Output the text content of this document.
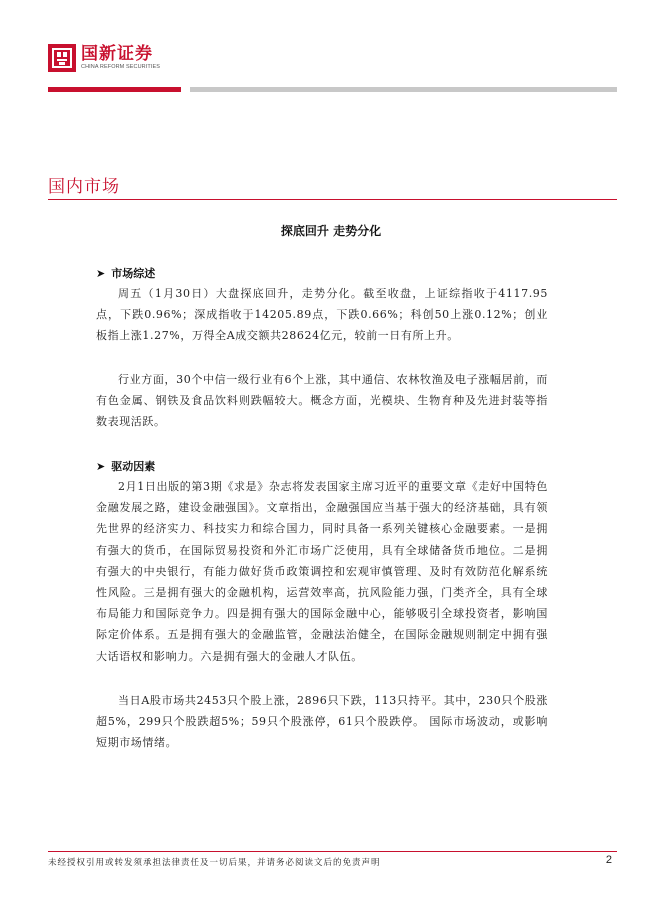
国新证券
CHINA REFORM SECURITIES
国内市场
探底回升 走势分化
➤ 市场综述

周五（1月30日）大盘探底回升，走势分化。截至收盘，上证综指收于4117.95点，下跌0.96%；深成指收于14205.89点，下跌0.66%；科创50上涨0.12%；创业板指上涨1.27%，万得全A成交额共28624亿元，较前一日有所上升。

行业方面，30个中信一级行业有6个上涨，其中通信、农林牧渔及电子涨幅居前，而有色金属、钢铁及食品饮料则跌幅较大。概念方面，光模块、生物育种及先进封装等指数表现活跃。

➤ 驱动因素

2月1日出版的第3期《求是》杂志将发表国家主席习近平的重要文章《走好中国特色金融发展之路，建设金融强国》。文章指出，金融强国应当基于强大的经济基础，具有领先世界的经济实力、科技实力和综合国力，同时具备一系列关键核心金融要素。一是拥有强大的货币，在国际贸易投资和外汇市场广泛使用，具有全球储备货币地位。二是拥有强大的中央银行，有能力做好货币政策调控和宏观审慎管理、及时有效防范化解系统性风险。三是拥有强大的金融机构，运营效率高，抗风险能力强，门类齐全，具有全球布局能力和国际竞争力。四是拥有强大的国际金融中心，能够吸引全球投资者，影响国际定价体系。五是拥有强大的金融监管，金融法治健全，在国际金融规则制定中拥有强大话语权和影响力。六是拥有强大的金融人才队伍。

当日A股市场共2453只个股上涨，2896只下跌，113只持平。其中，230只个股涨超5%，299只个股跌超5%；59只个股涨停，61只个股跌停。 国际市场波动，或影响短期市场情绪。

未经授权引用或转发须承担法律责任及一切后果，并请务必阅读文后的免责声明	2
